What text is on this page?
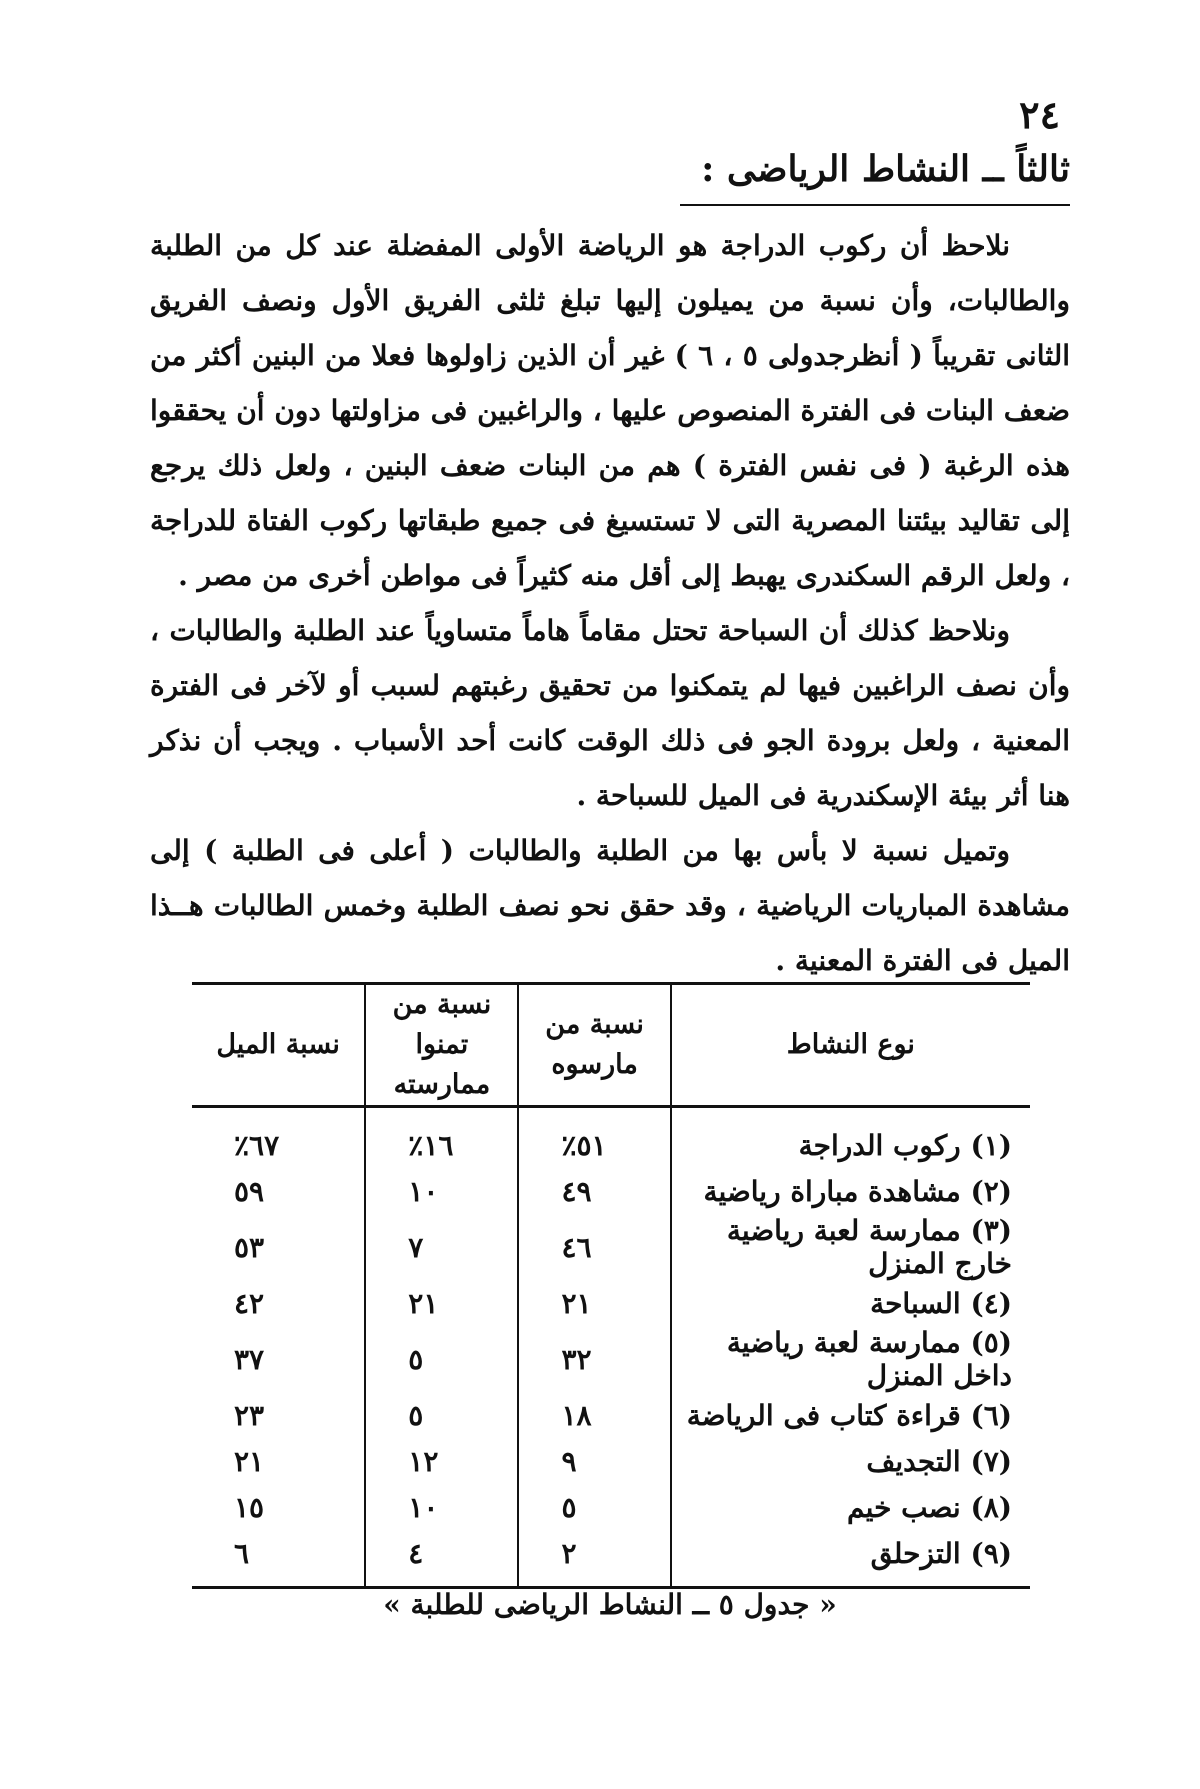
٢٤
ثالثاً ــ النشاط الرياضى :

نلاحظ أن ركوب الدراجة هو الرياضة الأولى المفضلة عند كل من الطلبة والطالبات، وأن نسبة من يميلون إليها تبلغ ثلثى الفريق الأول ونصف الفريق الثانى تقريباً ( أنظرجدولى ٥ ، ٦ ) غير أن الذين زاولوها فعلا من البنين أكثر من ضعف البنات فى الفترة المنصوص عليها ، والراغبين فى مزاولتها دون أن يحققوا هذه الرغبة ( فى نفس الفترة ) هم من البنات ضعف البنين ، ولعل ذلك يرجع إلى تقاليد بيئتنا المصرية التى لا تستسيغ فى جميع طبقاتها ركوب الفتاة للدراجة ، ولعل الرقم السكندرى يهبط إلى أقل منه كثيراً فى مواطن أخرى من مصر .

ونلاحظ كذلك أن السباحة تحتل مقاماً هاماً متساوياً عند الطلبة والطالبات ، وأن نصف الراغبين فيها لم يتمكنوا من تحقيق رغبتهم لسبب أو لآخر فى الفترة المعنية ، ولعل برودة الجو فى ذلك الوقت كانت أحد الأسباب . ويجب أن نذكر هنا أثر بيئة الإسكندرية فى الميل للسباحة .

وتميل نسبة لا بأس بها من الطلبة والطالبات ( أعلى فى الطلبة ) إلى مشاهدة المباريات الرياضية ، وقد حقق نحو نصف الطلبة وخمس الطالبات هــذا الميل فى الفترة المعنية .

نوع النشاط	نسبة من مارسوه	نسبة من تمنوا ممارسته	نسبة الميل
(١) ركوب الدراجة	٥١٪	١٦٪	٦٧٪
(٢) مشاهدة مباراة رياضية	٤٩	١٠	٥٩
(٣) ممارسة لعبة رياضية خارج المنزل	٤٦	٧	٥٣
(٤) السباحة	٢١	٢١	٤٢
(٥) ممارسة لعبة رياضية داخل المنزل	٣٢	٥	٣٧
(٦) قراءة كتاب فى الرياضة	١٨	٥	٢٣
(٧) التجديف	٩	١٢	٢١
(٨) نصب خيم	٥	١٠	١٥
(٩) التزحلق	٢	٤	٦
« جدول ٥ ــ النشاط الرياضى للطلبة »
